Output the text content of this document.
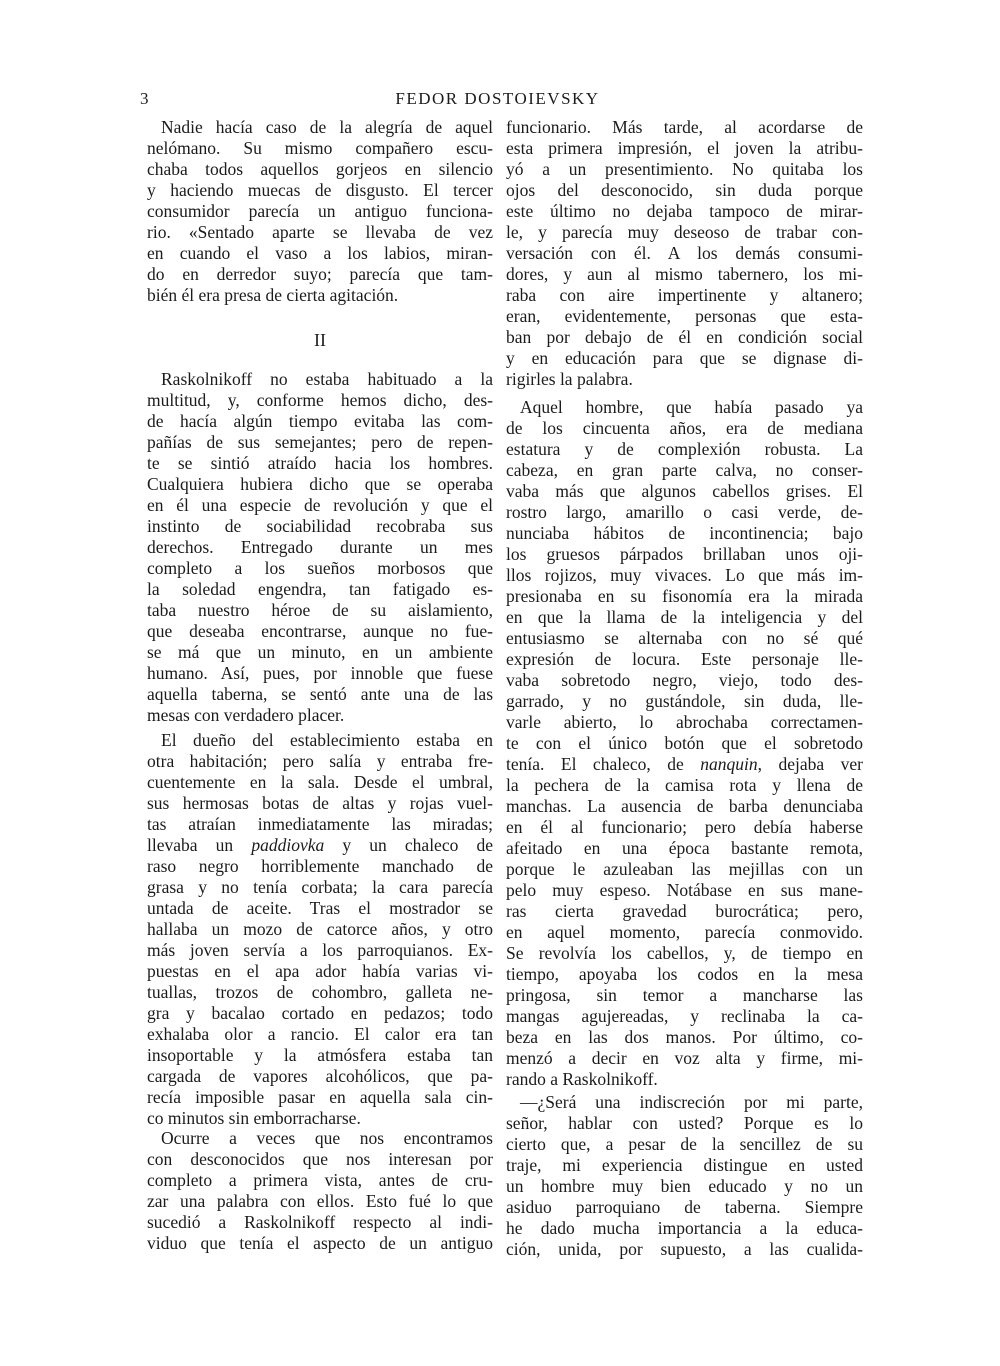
3	FEDOR DOSTOIEVSKY
Nadie hacía caso de la alegría de aquel
nelómano. Su mismo compañero escu-
chaba todos aquellos gorjeos en silencio
y haciendo muecas de disgusto. El tercer
consumidor parecía un antiguo funciona-
rio. «Sentado aparte se llevaba de vez
en cuando el vaso a los labios, miran-
do en derredor suyo; parecía que tam-
bién él era presa de cierta agitación.
II
Raskolnikoff no estaba habituado a la
multitud, y, conforme hemos dicho, des-
de hacía algún tiempo evitaba las com-
pañías de sus semejantes; pero de repen-
te se sintió atraído hacia los hombres.
Cualquiera hubiera dicho que se operaba
en él una especie de revolución y que el
instinto de sociabilidad recobraba sus
derechos. Entregado durante un mes
completo a los sueños morbosos que
la soledad engendra, tan fatigado es-
taba nuestro héroe de su aislamiento,
que deseaba encontrarse, aunque no fue-
se má que un minuto, en un ambiente
humano. Así, pues, por innoble que fuese
aquella taberna, se sentó ante una de las
mesas con verdadero placer.
El dueño del establecimiento estaba en
otra habitación; pero salía y entraba fre-
cuentemente en la sala. Desde el umbral,
sus hermosas botas de altas y rojas vuel-
tas atraían inmediatamente las miradas;
llevaba un paddiovka y un chaleco de
raso negro horriblemente manchado de
grasa y no tenía corbata; la cara parecía
untada de aceite. Tras el mostrador se
hallaba un mozo de catorce años, y otro
más joven servía a los parroquianos. Ex-
puestas en el apa ador había varias vi-
tuallas, trozos de cohombro, galleta ne-
gra y bacalao cortado en pedazos; todo
exhalaba olor a rancio. El calor era tan
insoportable y la atmósfera estaba tan
cargada de vapores alcohólicos, que pa-
recía imposible pasar en aquella sala cin-
co minutos sin emborracharse.
Ocurre a veces que nos encontramos
con desconocidos que nos interesan por
completo a primera vista, antes de cru-
zar una palabra con ellos. Esto fué lo que
sucedió a Raskolnikoff respecto al indi-
viduo que tenía el aspecto de un antiguo
funcionario. Más tarde, al acordarse de
esta primera impresión, el joven la atribu-
yó a un presentimiento. No quitaba los
ojos del desconocido, sin duda porque
este último no dejaba tampoco de mirar-
le, y parecía muy deseoso de trabar con-
versación con él. A los demás consumi-
dores, y aun al mismo tabernero, los mi-
raba con aire impertinente y altanero;
eran, evidentemente, personas que esta-
ban por debajo de él en condición social
y en educación para que se dignase di-
rigirles la palabra.
Aquel hombre, que había pasado ya
de los cincuenta años, era de mediana
estatura y de complexión robusta. La
cabeza, en gran parte calva, no conser-
vaba más que algunos cabellos grises. El
rostro largo, amarillo o casi verde, de-
nunciaba hábitos de incontinencia; bajo
los gruesos párpados brillaban unos oji-
llos rojizos, muy vivaces. Lo que más im-
presionaba en su fisonomía era la mirada
en que la llama de la inteligencia y del
entusiasmo se alternaba con no sé qué
expresión de locura. Este personaje lle-
vaba sobretodo negro, viejo, todo des-
garrado, y no gustándole, sin duda, lle-
varle abierto, lo abrochaba correctamen-
te con el único botón que el sobretodo
tenía. El chaleco, de nanquin, dejaba ver
la pechera de la camisa rota y llena de
manchas. La ausencia de barba denunciaba
en él al funcionario; pero debía haberse
afeitado en una época bastante remota,
porque le azuleaban las mejillas con un
pelo muy espeso. Notábase en sus mane-
ras cierta gravedad burocrática; pero,
en aquel momento, parecía conmovido.
Se revolvía los cabellos, y, de tiempo en
tiempo, apoyaba los codos en la mesa
pringosa, sin temor a mancharse las
mangas agujereadas, y reclinaba la ca-
beza en las dos manos. Por último, co-
menzó a decir en voz alta y firme, mi-
rando a Raskolnikoff.
—¿Será una indiscreción por mi parte,
señor, hablar con usted? Porque es lo
cierto que, a pesar de la sencillez de su
traje, mi experiencia distingue en usted
un hombre muy bien educado y no un
asiduo parroquiano de taberna. Siempre
he dado mucha importancia a la educa-
ción, unida, por supuesto, a las cualida-
